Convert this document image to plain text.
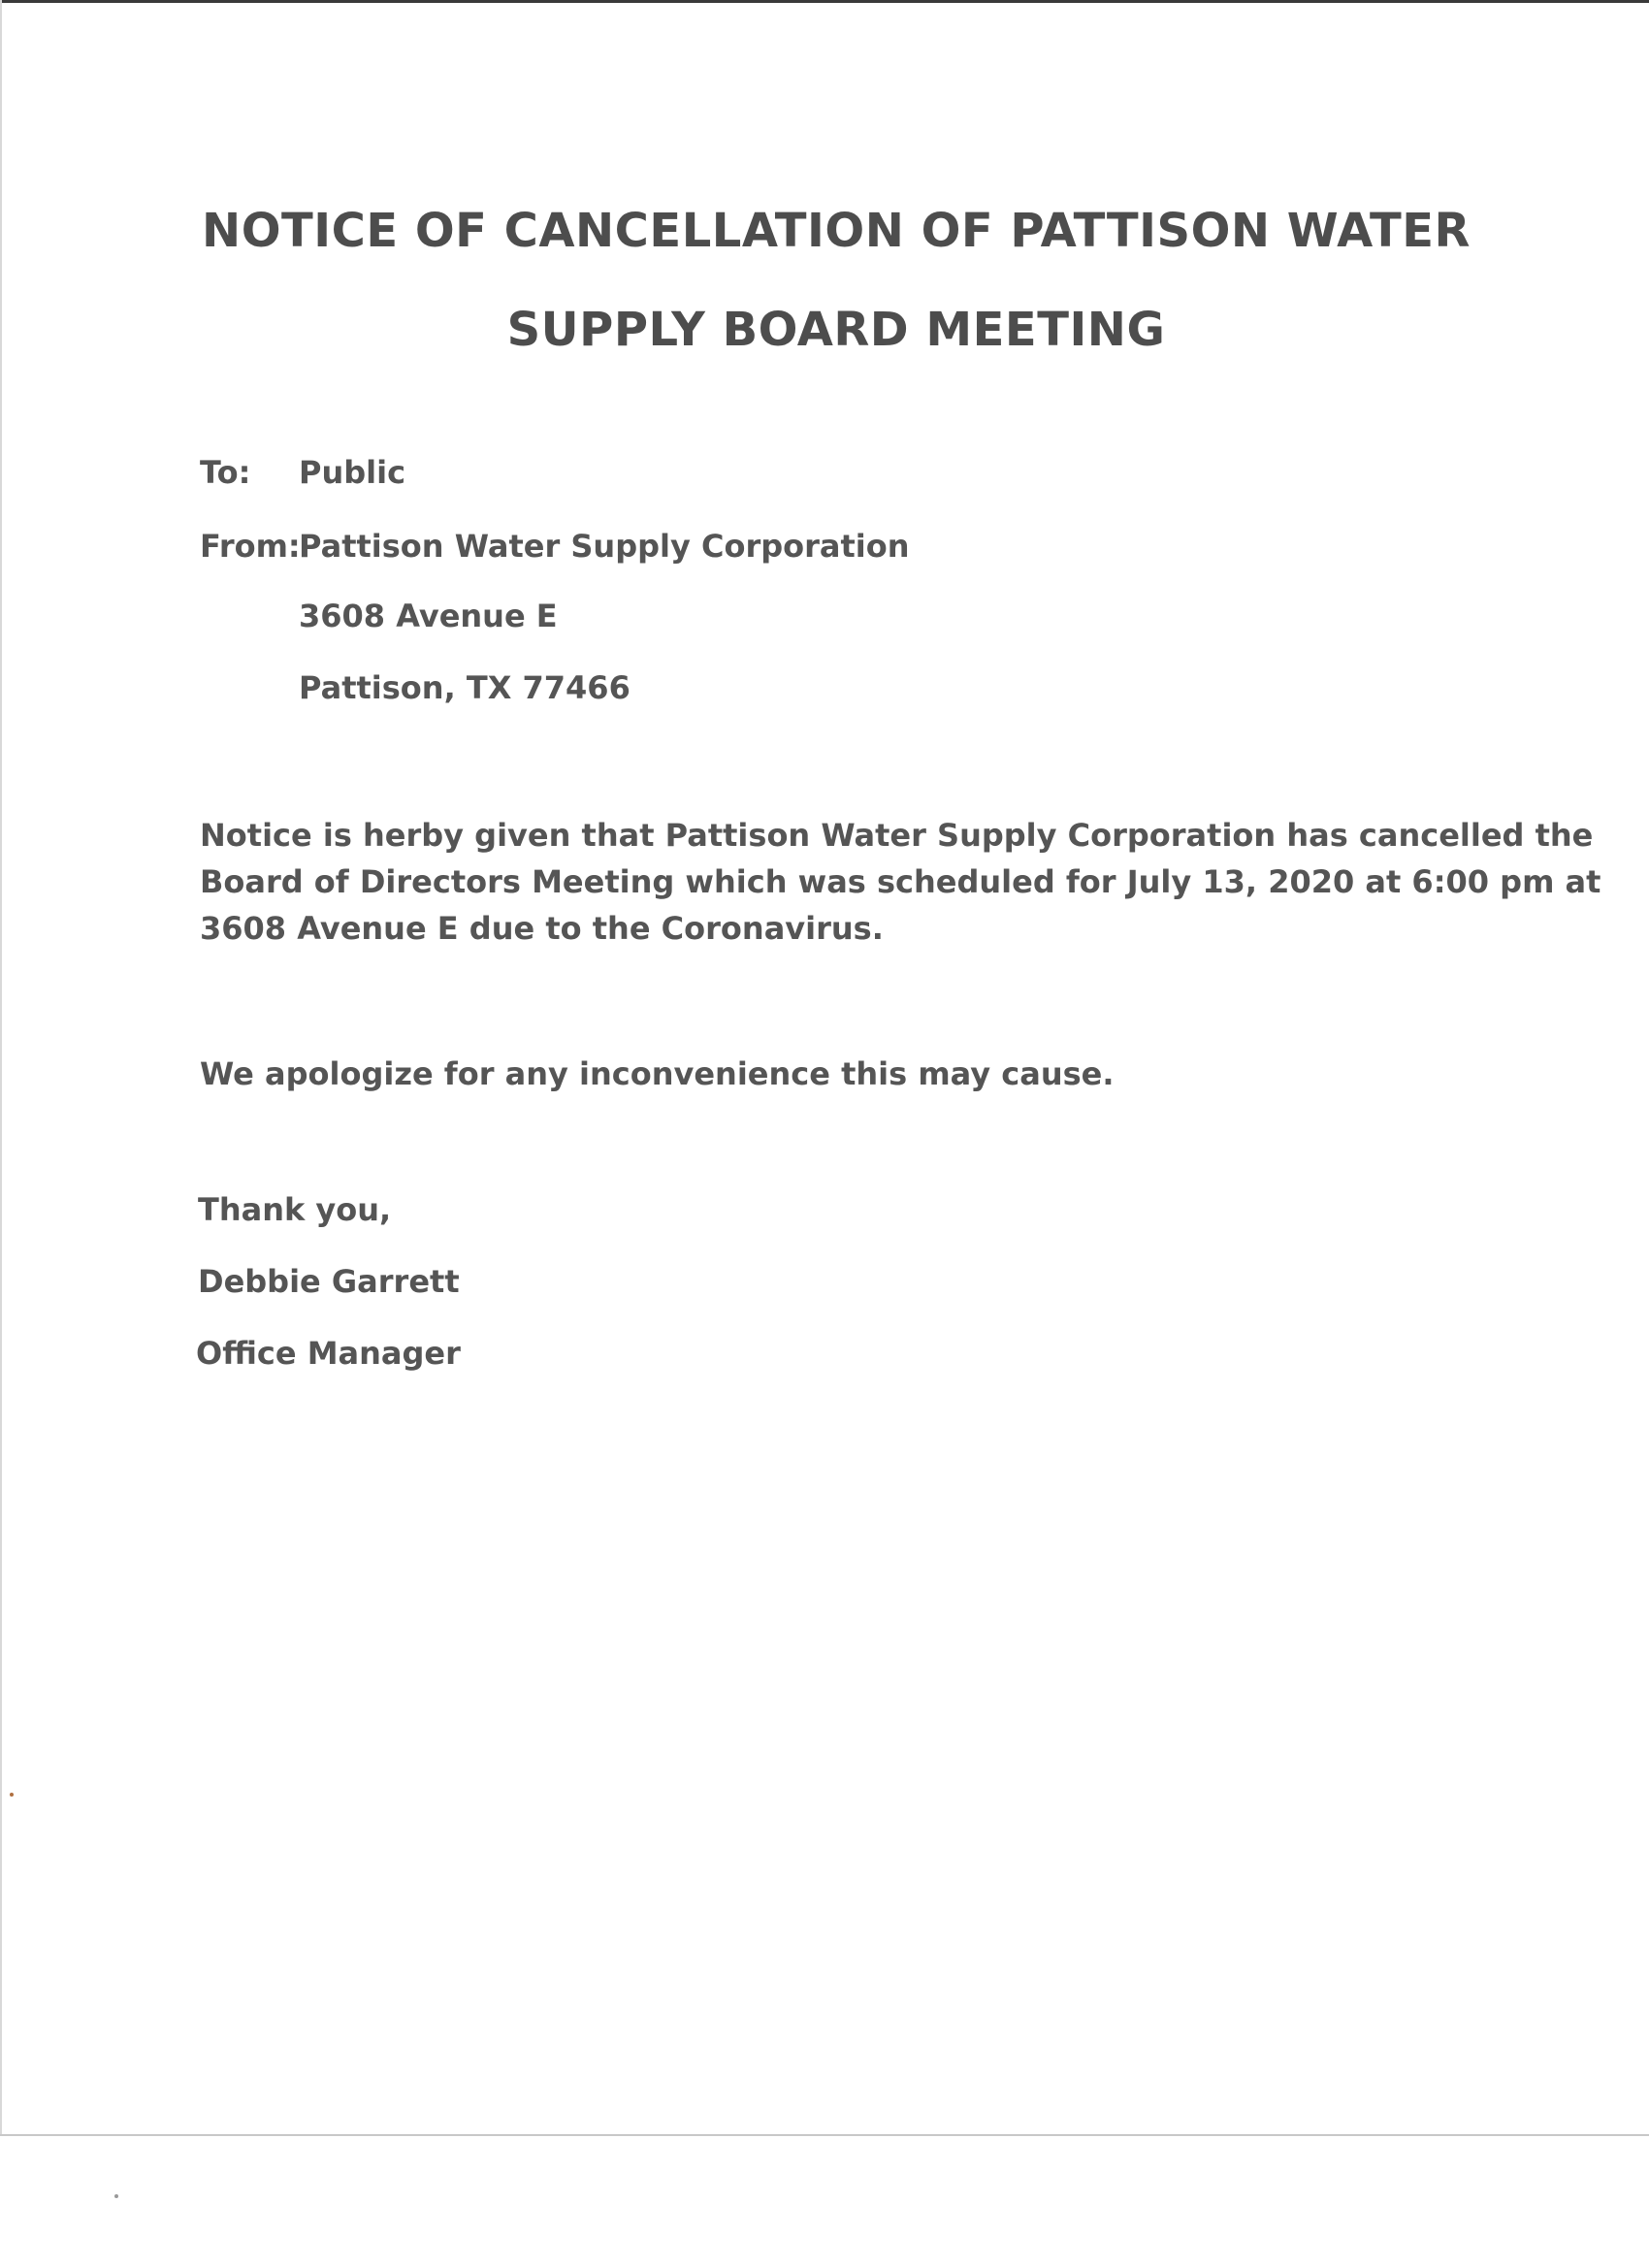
NOTICE OF CANCELLATION OF PATTISON WATER
SUPPLY BOARD MEETING
To: Public
From:
Pattison Water Supply Corporation
3608 Avenue E
Pattison, TX 77466
Notice is herby given that Pattison Water Supply Corporation has cancelled the
Board of Directors Meeting which was scheduled for July 13, 2020 at 6:00 pm at
3608 Avenue E due to the Coronavirus.
We apologize for any inconvenience this may cause.
Thank you,
Debbie Garrett
Office Manager
